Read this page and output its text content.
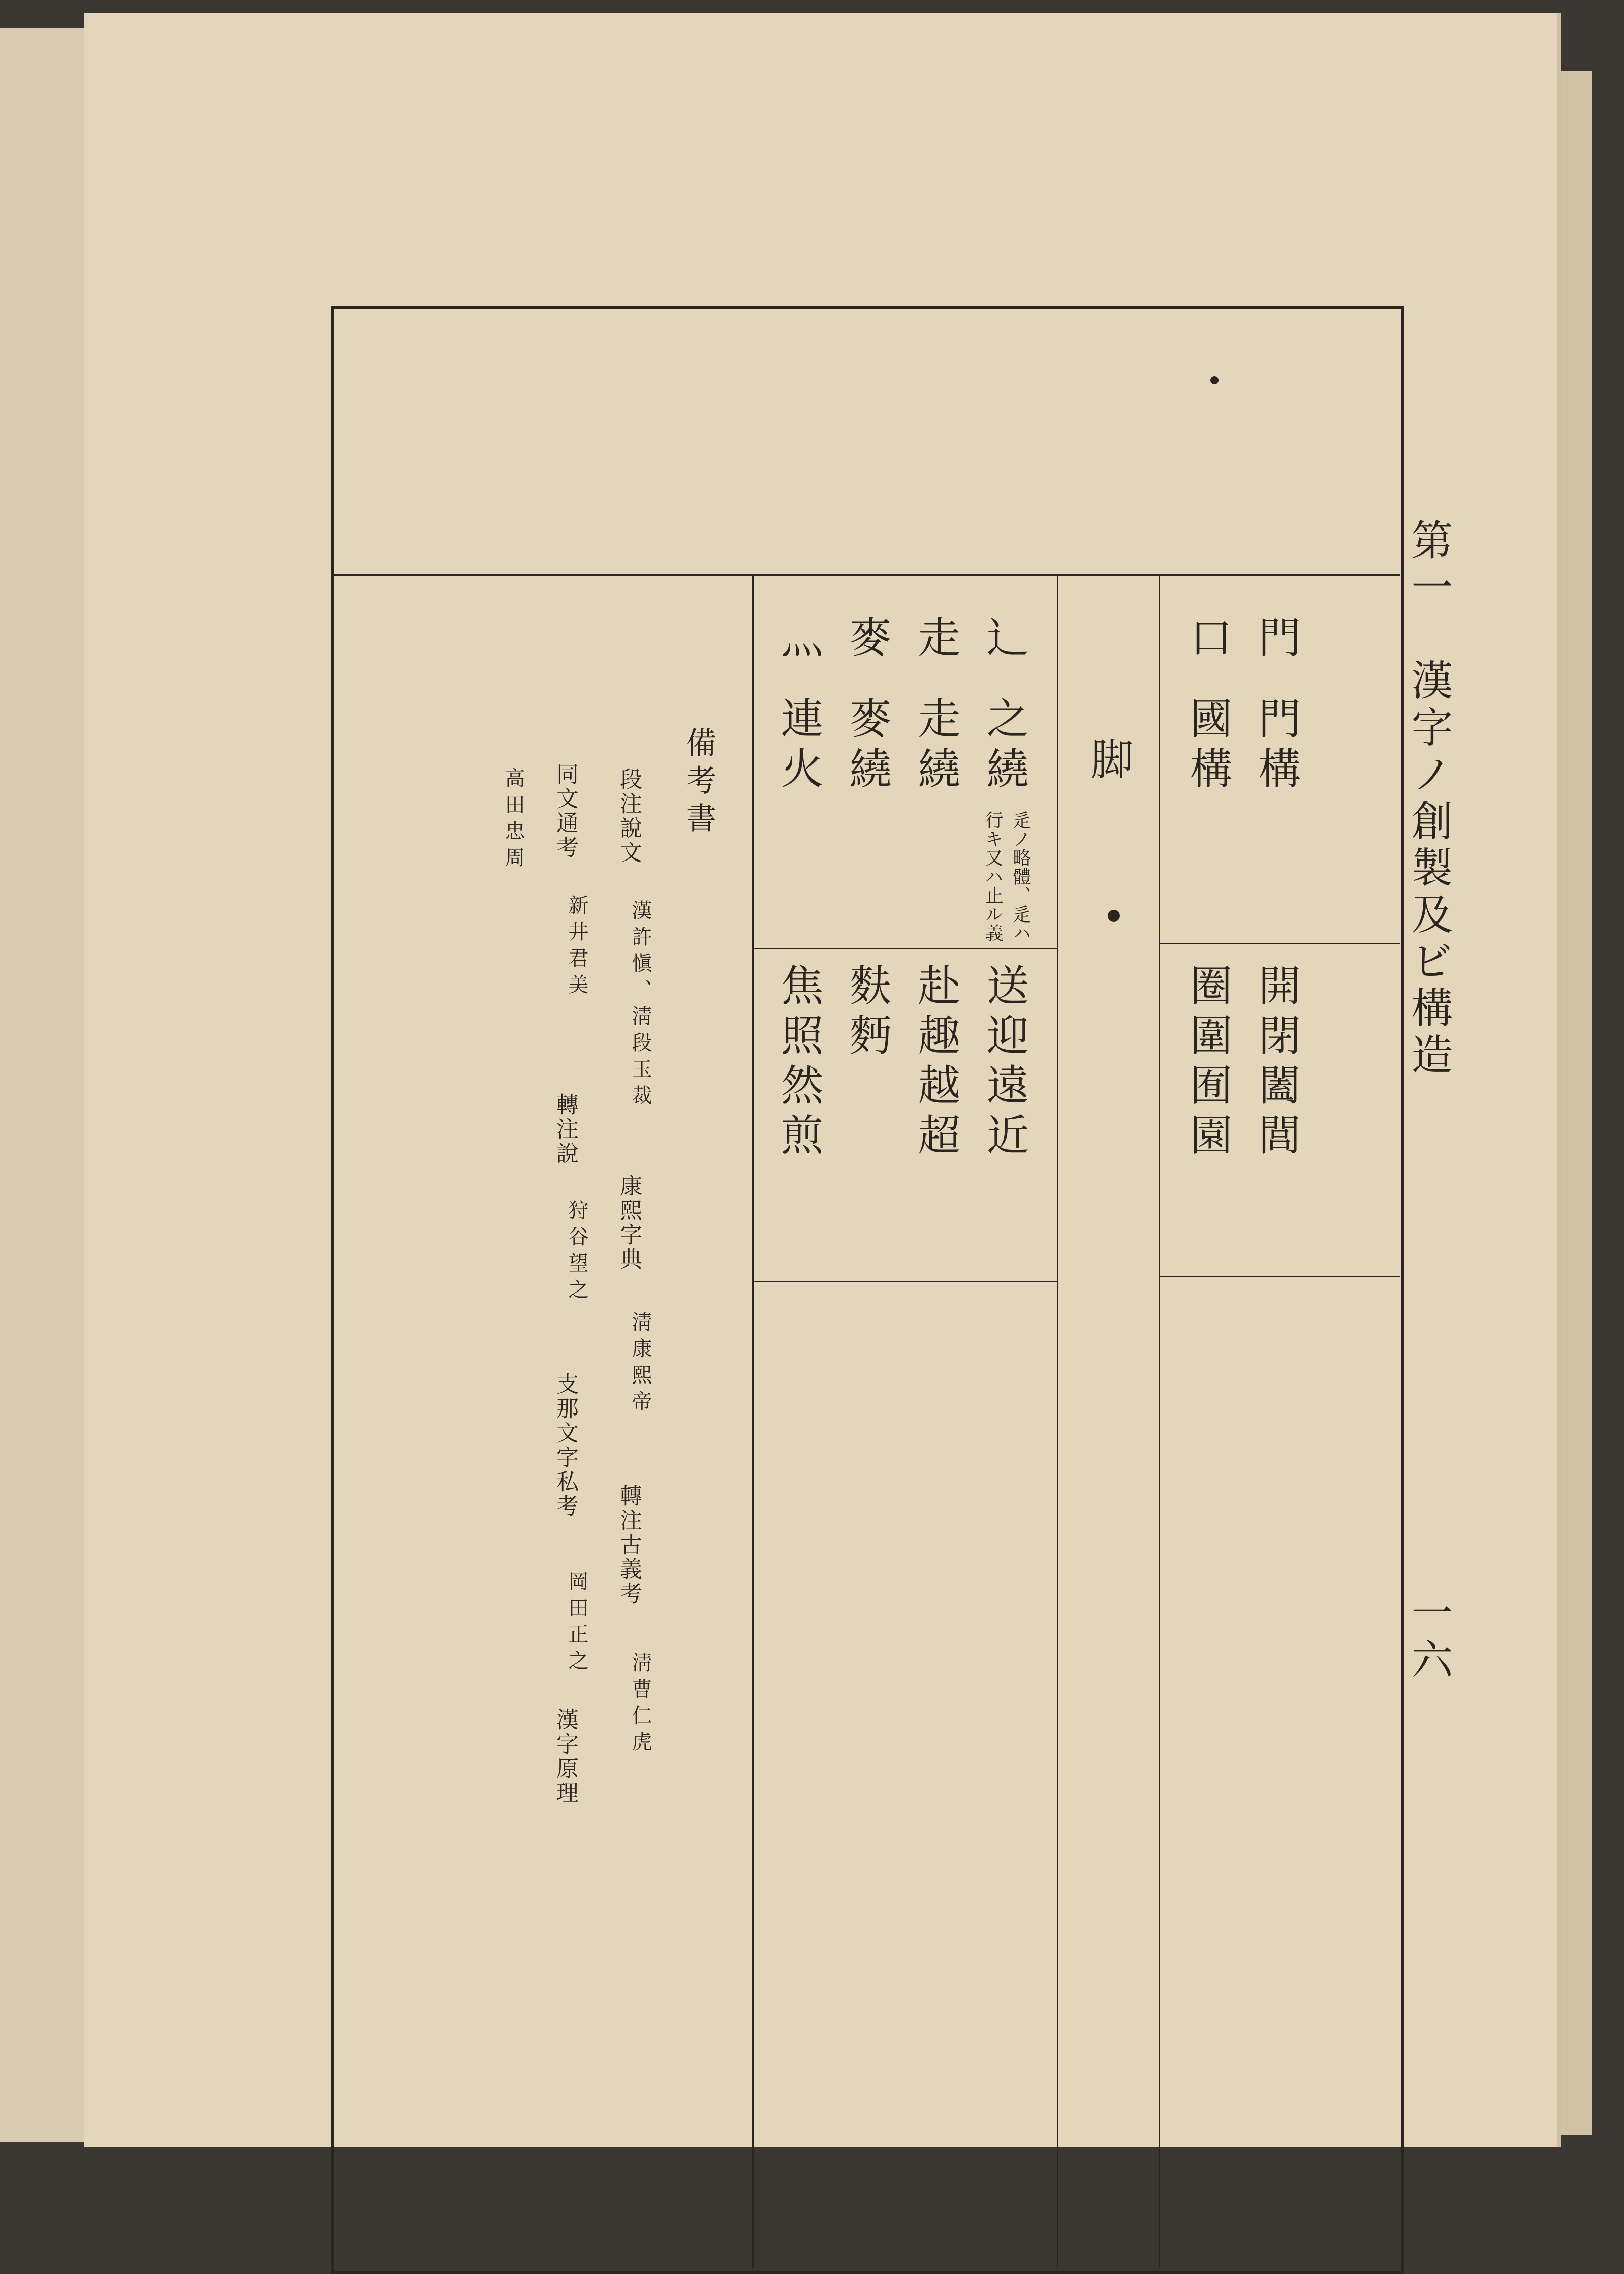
第一　漢字ノ創製及ビ構造
一六
門
門構
開閉闔閭
口
國構
圈圍囿園
脚
辶
之繞
辵ノ略體、辵ハ
行キ又ハ止ル義
送迎遠近
走
走繞
赴趣越超
麥
麥繞
麩麪
灬
連火
焦照然煎
備考書
段注說文
漢許愼、淸段玉裁
康熙字典
淸康熙帝
轉注古義考
淸曹仁虎
同文通考
新井君美
轉注說
狩谷望之
支那文字私考
岡田正之
漢字原理
高田忠周
